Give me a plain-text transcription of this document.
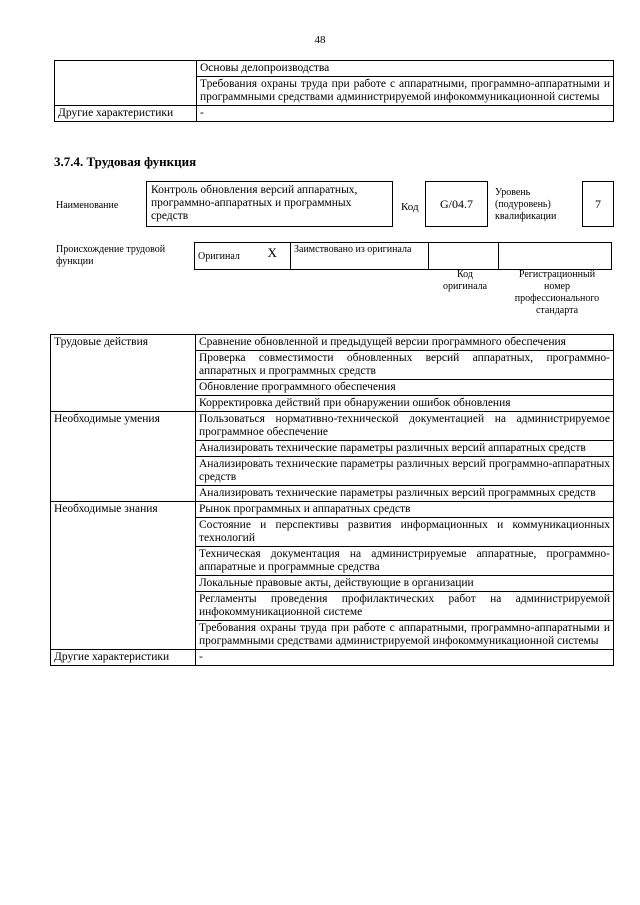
48
	Основы делопроизводства
	Требования охраны труда при работе с аппаратными, программно-аппаратными и программными средствами администрируемой инфокоммуникационной системы
Другие характеристики	-
3.7.4. Трудовая функция
Наименование
Контроль обновления версий аппаратных, программно-аппаратных и программных средств
Код	G/04.7
Уровень (подуровень) квалификации
7
Происхождение трудовой функции	Оригинал	X	Заимствовано из оригинала		
Код оригинала
Регистрационный номер профессионального стандарта
Трудовые действия	Сравнение обновленной и предыдущей версии программного обеспечения
	Проверка совместимости обновленных версий аппаратных, программно-аппаратных и программных средств
	Обновление программного обеспечения
	Корректировка действий при обнаружении ошибок обновления
Необходимые умения	Пользоваться нормативно-технической документацией на администрируемое программное обеспечение
	Анализировать технические параметры различных версий аппаратных средств
	Анализировать технические параметры различных версий программно-аппаратных средств
	Анализировать технические параметры различных версий программных средств
Необходимые знания	Рынок программных и аппаратных средств
	Состояние и перспективы развития информационных и коммуникационных технологий
	Техническая документация на администрируемые аппаратные, программно-аппаратные и программные средства
	Локальные правовые акты, действующие в организации
	Регламенты проведения профилактических работ на администрируемой инфокоммуникационной системе
	Требования охраны труда при работе с аппаратными, программно-аппаратными и программными средствами администрируемой инфокоммуникационной системы
Другие характеристики	-
